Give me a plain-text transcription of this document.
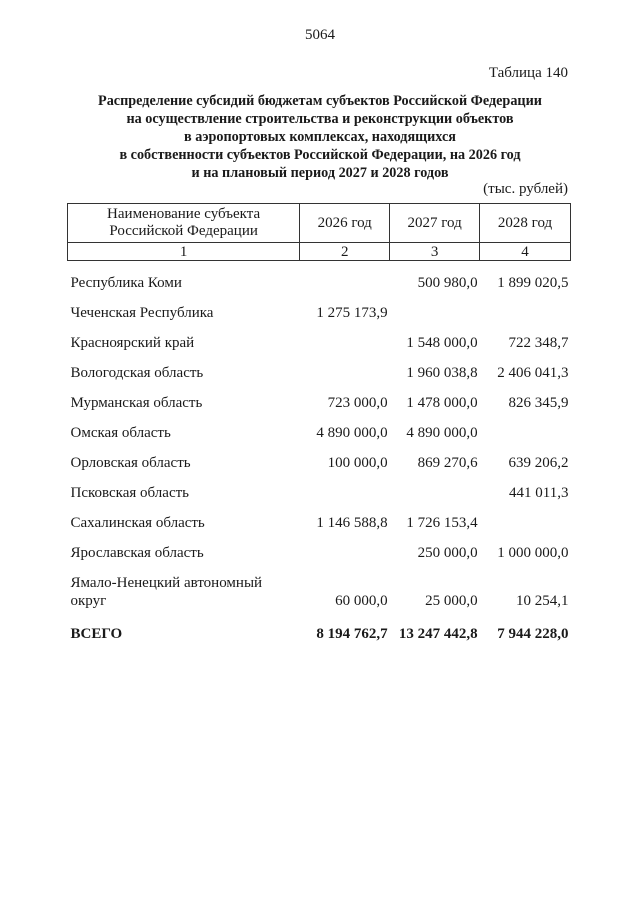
5064
Таблица 140
Распределение субсидий бюджетам субъектов Российской Федерации
на осуществление строительства и реконструкции объектов
в аэропортовых комплексах, находящихся
в собственности субъектов Российской Федерации, на 2026 год
и на плановый период 2027 и 2028 годов
(тыс. рублей)
Наименование субъекта
Российской Федерации	2026 год	2027 год	2028 год
1	2	3	4

Республика Коми		500 980,0	1 899 020,5

Чеченская Республика	1 275 173,9		

Красноярский край		1 548 000,0	722 348,7

Вологодская область		1 960 038,8	2 406 041,3

Мурманская область	723 000,0	1 478 000,0	826 345,9

Омская область	4 890 000,0	4 890 000,0	

Орловская область	100 000,0	869 270,6	639 206,2

Псковская область			441 011,3

Сахалинская область	1 146 588,8	1 726 153,4	

Ярославская область		250 000,0	1 000 000,0

Ямало-Ненецкий автономный
округ	60 000,0	25 000,0	10 254,1
ВСЕГО	8 194 762,7	13 247 442,8	7 944 228,0
